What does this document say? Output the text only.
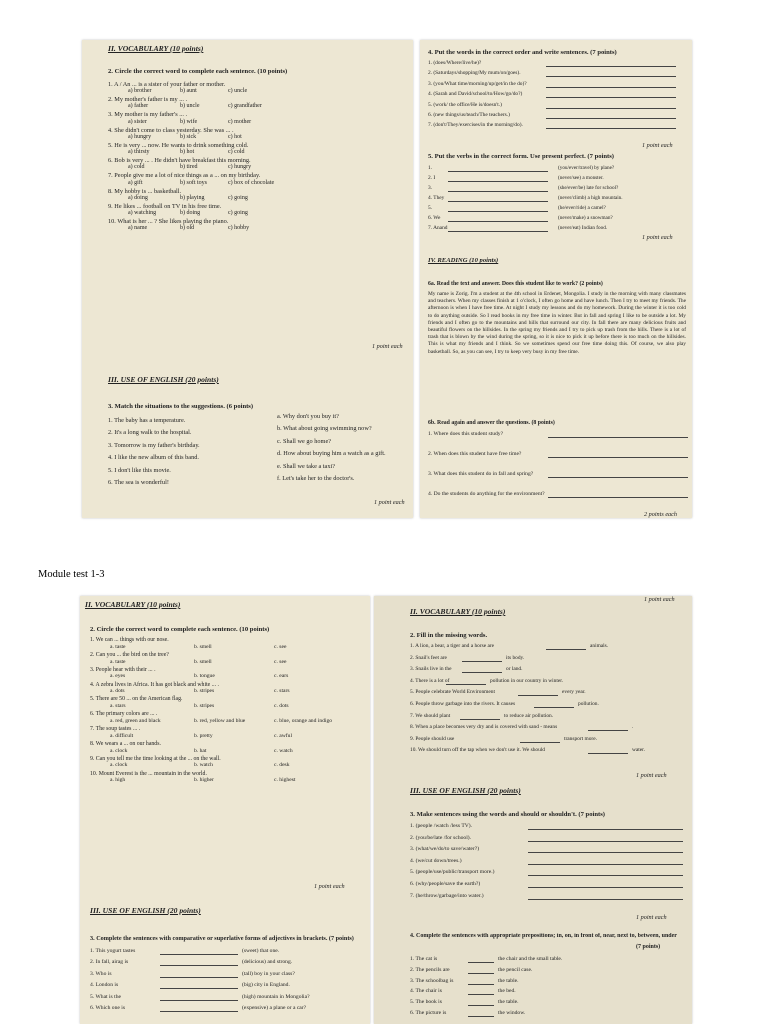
II. VOCABULARY (10 points)
2. Circle the correct word to complete each sentence. (10 points)
1. A / An ... is a sister of your father or mother.
a) brother	b) aunt	c) uncle
2. My mother's father is my ... .
a) father	b) uncle	c) grandfather
3. My mother is my father's ... .
a) sister	b) wife	c) mother
4. She didn't come to class yesterday. She was ... .
a) hungry	b) sick	c) hot
5. He is very ... now. He wants to drink something cold.
a) thirsty	b) hot	c) cold
6. Bob is very ... . He didn't have breakfast this morning.
a) cold	b) tired	c) hungry
7. People give me a lot of nice things as a ... on my birthday.
a) gift	b) soft toys	c) box of chocolate
8. My hobby is ... basketball.
a) doing	b) playing	c) going
9. He likes ... football on TV in his free time.
a) watching	b) doing	c) going
10. What is her ... ? She likes playing the piano.
a) name	b) old	c) hobby
1 point each
III. USE OF ENGLISH (20 points)
3. Match the situations to the suggestions. (6 points)
1. The baby has a temperature.
2. It's a long walk to the hospital.
3. Tomorrow is my father's birthday.
4. I like the new album of this band.
5. I don't like this movie.
6. The sea is wonderful!
a. Why don't you buy it?
b. What about going swimming now?
c. Shall we go home?
d. How about buying him a watch as a gift.
e. Shall we take a taxi?
f. Let's take her to the doctor's.
1 point each
4. Put the words in the correct order and write sentences. (7 points)
1. (does/Where/live/he)?
2. (Saturdays/shopping/My mum/on/goes).
3. (you/What time/morning/up/get/in the do)?
4. (Sarah and David/school/to/How/go/do?)
5. (work/ the office/He is/doesn't.)
6. (new things/us/teach/The teachers.)
7. (don't/They/exercises/in the morning/do).
1 point each
5. Put the verbs in the correct form. Use present perfect. (7 points)
1.	(you/ever/travel) by plane?
2. I	(never/see) a monster.
3.	(she/ever/be) late for school?
4. They	(never/climb) a high mountain.
5.	(he/ever/ride) a camel?
6. We	(never/make) a snowman?
7. Anand	(never/eat) Indian food.
1 point each
IV. READING (10 points)
6a. Read the text and answer. Does this student like to work? (2 points)
My name is Zorig. I'm a student at the 4th school in Erdenet, Mongolia. I study in the morning with many classmates and teachers. When my classes finish at 1 o'clock, I often go home and have lunch. Then I try to meet my friends. The afternoon is when I have free time. At night I study my lessons and do my homework. During the winter it is too cold to do anything outside. So I read books in my free time in winter. But in fall and spring I like to be outside a lot. My friends and I often go to the mountains and hills that surround our city. In fall there are many delicious fruits and beautiful flowers on the hillsides. In the spring my friends and I try to pick up trash from the hills. There is a lot of trash that is blown by the wind during the spring, so it is nice to pick it up before there is too much on the hillsides. This is what my friends and I think. So we sometimes spend our free time doing this. Of course, we also play basketball. So, as you can see, I try to keep very busy in my free time.
6b. Read again and answer the questions. (8 points)
1. Where does this student study?
2. When does this student have free time?
3. What does this student do in fall and spring?
4. Do the students do anything for the environment?
2 points each
Module test 1-3
II. VOCABULARY (10 points)
2. Circle the correct word to complete each sentence. (10 points)
1. We can ... things with our nose.
a. taste	b. smell	c. see
2. Can you ... the bird on the tree?
a. taste	b. smell	c. see
3. People hear with their ... .
a. eyes	b. tongue	c. ears
4. A zebra lives in Africa. It has got black and white ... .
a. dots	b. stripes	c. stars
5. There are 50 ... on the American flag.
a. stars	b. stripes	c. dots
6. The primary colors are ... .
a. red, green and black	b. red, yellow and blue	c. blue, orange and indigo
7. The soup tastes ... .
a. difficult	b. pretty	c. awful
8. We wears a ... on our hands.
a. clock	b. hat	c. watch
9. Can you tell me the time looking at the ... on the wall.
a. clock	b. watch	c. desk
10. Mount Everest is the ... mountain in the world.
a. high	b. higher	c. highest
1 point each
III. USE OF ENGLISH (20 points)
3. Complete the sentences with comparative or superlative forms of adjectives in brackets. (7 points)
1. This yogurt tastes	(sweet) that one.
2. In fall, airag is	(delicious) and strong.
3. Who is	(tall) boy in your class?
4. London is	(big) city in England.
5. What is the	(high) mountain in Mongolia?
6. Which one is	(expensive) a plane or a car?
1 point each
II. VOCABULARY (10 points)
2. Fill in the missing words.
1. A lion, a bear, a tiger and a horse are	animals.
2. Snail's feet are	its body.
3. Snails live in the	or land.
4. There is a lot of	pollution in our country in winter.
5. People celebrate World Environment	every year.
6. People throw garbage into the rivers. It causes	pollution.
7. We should plant	to reduce air pollution.
8. When a place becomes very dry and is covered with sand - means	.
9. People should use	transport more.
10. We should turn off the tap when we don't use it. We should	water.
1 point each
III. USE OF ENGLISH (20 points)
3. Make sentences using the words and should or shouldn't. (7 points)
1. (people /watch /less TV).
2. (you/be/late /for school).
3. (what/we/do/to save/water?)
4. (we/cut down/trees.)
5. (people/use/public/transport more.)
6. (why/people/save the earth?)
7. (he/throw/garbage/into water.)
1 point each
4. Complete the sentences with appropriate prepositions; in, on, in front of, near, next to, between, under
(7 points)
1. The cat is	the chair and the small table.
2. The pencils are	the pencil case.
3. The schoolbag is	the table.
4. The chair is	the bed.
5. The book is	the table.
6. The picture is	the window.
